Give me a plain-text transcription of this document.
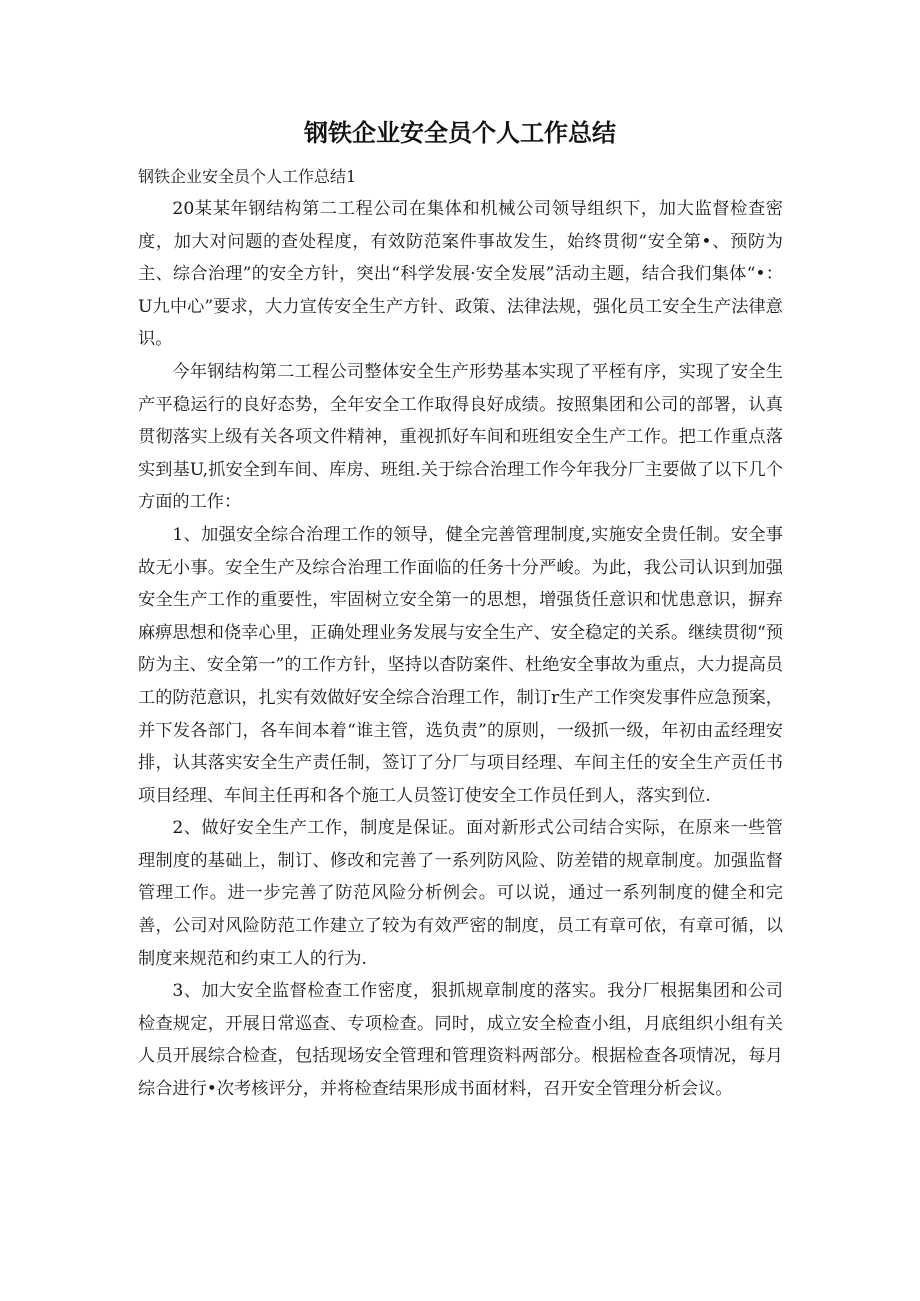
钢铁企业安全员个人工作总结
钢铁企业安全员个人工作总结1

20某某年钢结构第二工程公司在集体和机械公司领导组织下，加大监督检查密度，加大对问题的查处程度，有效防范案件事故发生，始终贯彻“安全第•、预防为主、综合治理”的安全方针，突出“科学发展·安全发展”活动主题，结合我们集体“•：U九中心”要求，大力宣传安全生产方针、政策、法律法规，强化员工安全生产法律意识。

今年钢结构第二工程公司整体安全生产形势基本实现了平桎有序，实现了安全生产平稳运行的良好态势，全年安全工作取得良好成绩。按照集团和公司的部署，认真贯彻落实上级有关各项文件精神，重视抓好车间和班组安全生产工作。把工作重点落实到基U,抓安全到车间、库房、班组.关于综合治理工作今年我分厂主要做了以下几个方面的工作：

1、加强安全综合治理工作的领导，健全完善管理制度,实施安全贵任制。安全事故无小事。安全生产及综合治理工作面临的任务十分严峻。为此，我公司认识到加强安全生产工作的重要性，牢固树立安全第一的思想，增强货任意识和忧患意识，摒弃麻痹思想和侥幸心里，正确处理业务发展与安全生产、安全稳定的关系。继续贯彻“预防为主、安全第一”的工作方针，坚持以杳防案件、杜绝安全事故为重点，大力提高员工的防范意识，扎实有效做好安全综合治理工作，制订r生产工作突发事件应急预案，并下发各部门，各车间本着“谁主管，选负责”的原则，一级抓一级，年初由孟经理安排，认其落实安全生产责任制，签订了分厂与项目经理、车间主任的安全生产贡任书项目经理、车间主任再和各个施工人员签订使安全工作员任到人，落实到位.

2、做好安全生产工作，制度是保证。面对新形式公司结合实际，在原来一些管理制度的基础上，制订、修改和完善了一系列防风险、防差错的规章制度。加强监督管理工作。进一步完善了防范风险分析例会。可以说，通过一系列制度的健全和完善，公司对风险防范工作建立了较为有效严密的制度，员工有章可依，有章可循，以制度来规范和约束工人的行为.

3、加大安全监督检查工作密度，狠抓规章制度的落实。我分厂根据集团和公司检查规定，开展日常巡查、专项检查。同时，成立安全检查小组，月底组织小组有关人员开展综合检查，包括现场安全管理和管理资料两部分。根据检查各项情况，每月综合进行•次考核评分，并将检查结果形成书面材料，召开安全管理分析会议。
